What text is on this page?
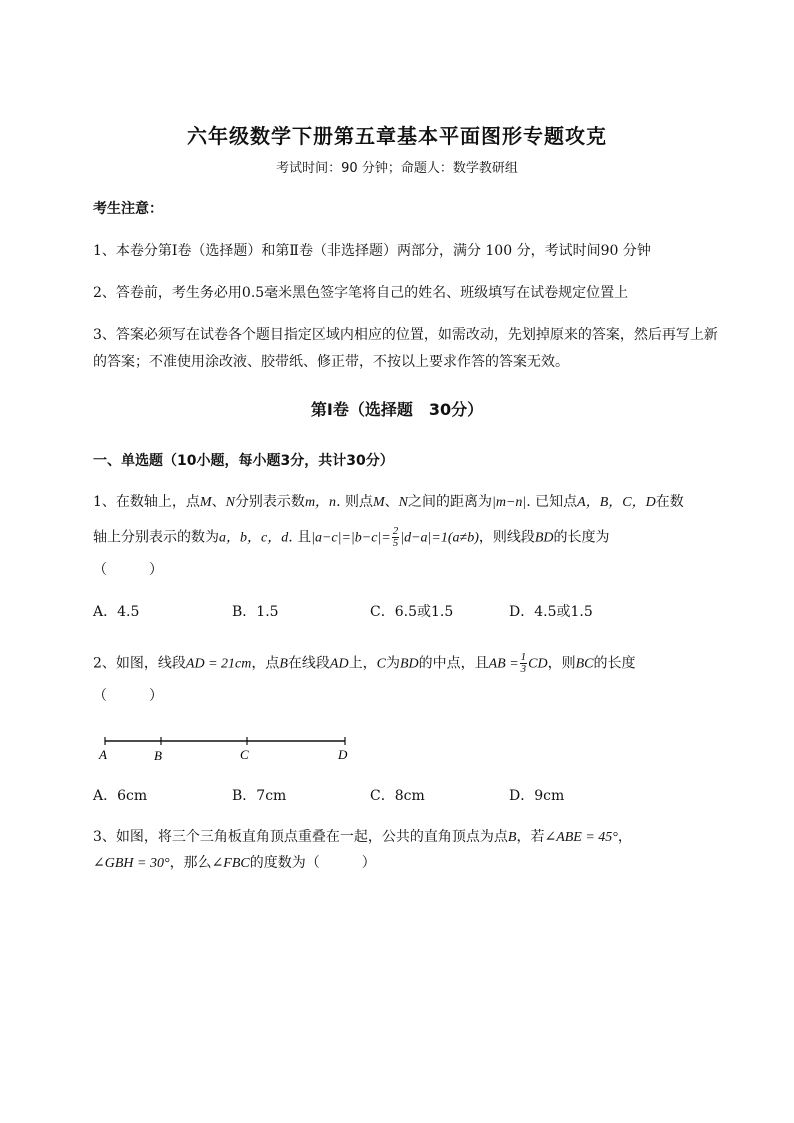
六年级数学下册第五章基本平面图形专题攻克
考试时间：90 分钟；命题人：数学教研组
考生注意：
1、本卷分第Ⅰ卷（选择题）和第Ⅱ卷（非选择题）两部分，满分 100 分，考试时间90 分钟
2、答卷前，考生务必用0.5毫米黑色签字笔将自己的姓名、班级填写在试卷规定位置上
3、答案必须写在试卷各个题目指定区域内相应的位置，如需改动，先划掉原来的答案，然后再写上新
的答案；不准使用涂改液、胶带纸、修正带，不按以上要求作答的答案无效。
第Ⅰ卷（选择题　30分）
一、单选题（10小题，每小题3分，共计30分）
1、在数轴上，点M、N分别表示数m，n. 则点M、N之间的距离为|m−n|. 已知点A，B，C，D在数
轴上分别表示的数为a，b，c，d. 且$|a-c|=|b-c|= \frac{2}{5} |d-a|=1(a\ne b)$，则线段BD的长度为
（　　　）
A．4.5	B．1.5	C．6.5或1.5	D．4.5或1.5
2、如图，线段AD = 21cm，点B在线段AD上，C为BD的中点，且AB = $\frac{1}{3}$ CD，则BC的长度
（　　　）
A	B	C	D
A．6cm	B．7cm	C．8cm	D．9cm
3、如图，将三个三角板直角顶点重叠在一起，公共的直角顶点为点B，若∠ABE = 45°，
∠GBH = 30°，那么∠FBC的度数为（　　　）
